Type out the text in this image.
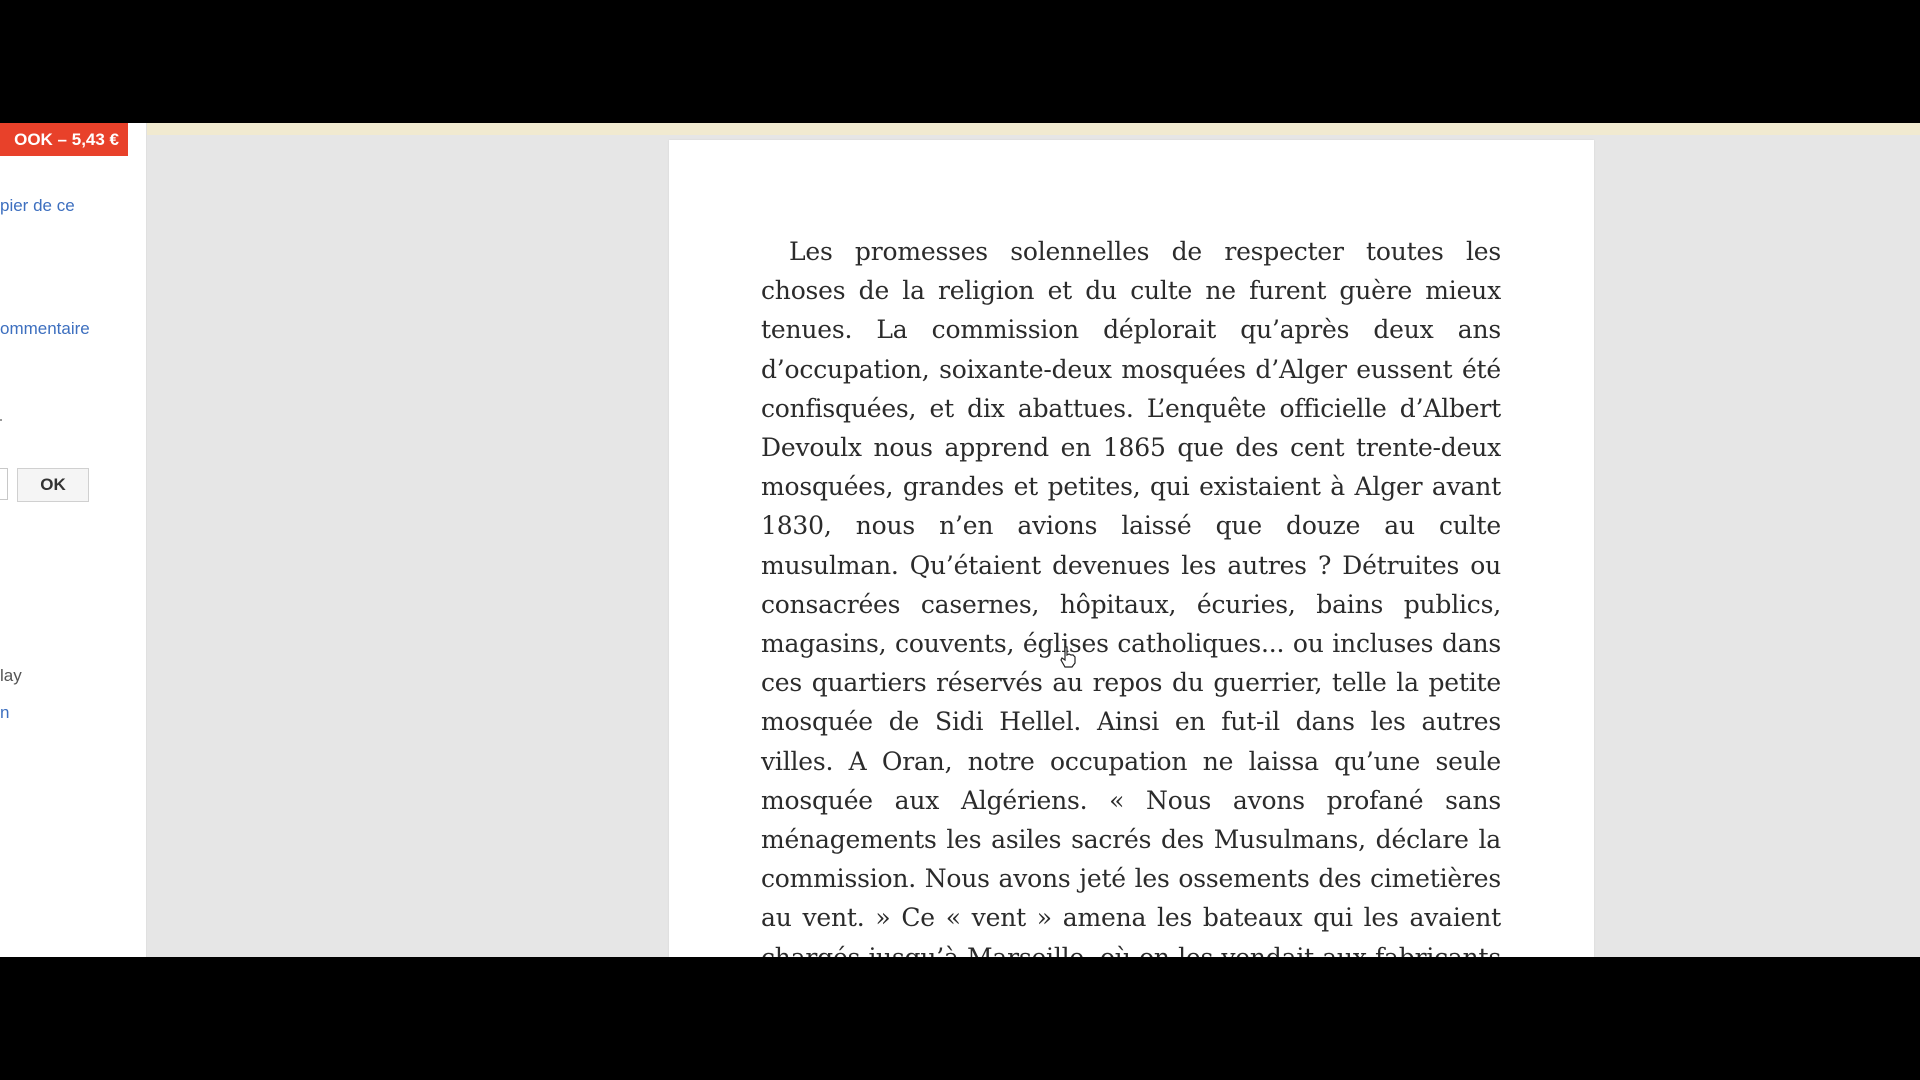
OOK – 5,43 €
pier de ce
ommentaire
OK
lay
n

Les promesses solennelles de respecter toutes les choses de la religion et du culte ne furent guère mieux tenues. La commission déplorait qu’après deux ans d’occupation, soixante-deux mosquées d’Alger eussent été confisquées, et dix abattues. L’enquête officielle d’Albert Devoulx nous apprend en 1865 que des cent trente-deux mosquées, grandes et petites, qui existaient à Alger avant 1830, nous n’en avions laissé que douze au culte musulman. Qu’étaient devenues les autres ? Détruites ou consacrées casernes, hôpitaux, écuries, bains publics, magasins, couvents, églises catholiques... ou incluses dans ces quartiers réservés au repos du guerrier, telle la petite mosquée de Sidi Hellel. Ainsi en fut-il dans les autres villes. A Oran, notre occupation ne laissa qu’une seule mosquée aux Algériens. « Nous avons profané sans ménagements les asiles sacrés des Musulmans, déclare la commission. Nous avons jeté les ossements des cimetières au vent. » Ce « vent » amena les bateaux qui les avaient
